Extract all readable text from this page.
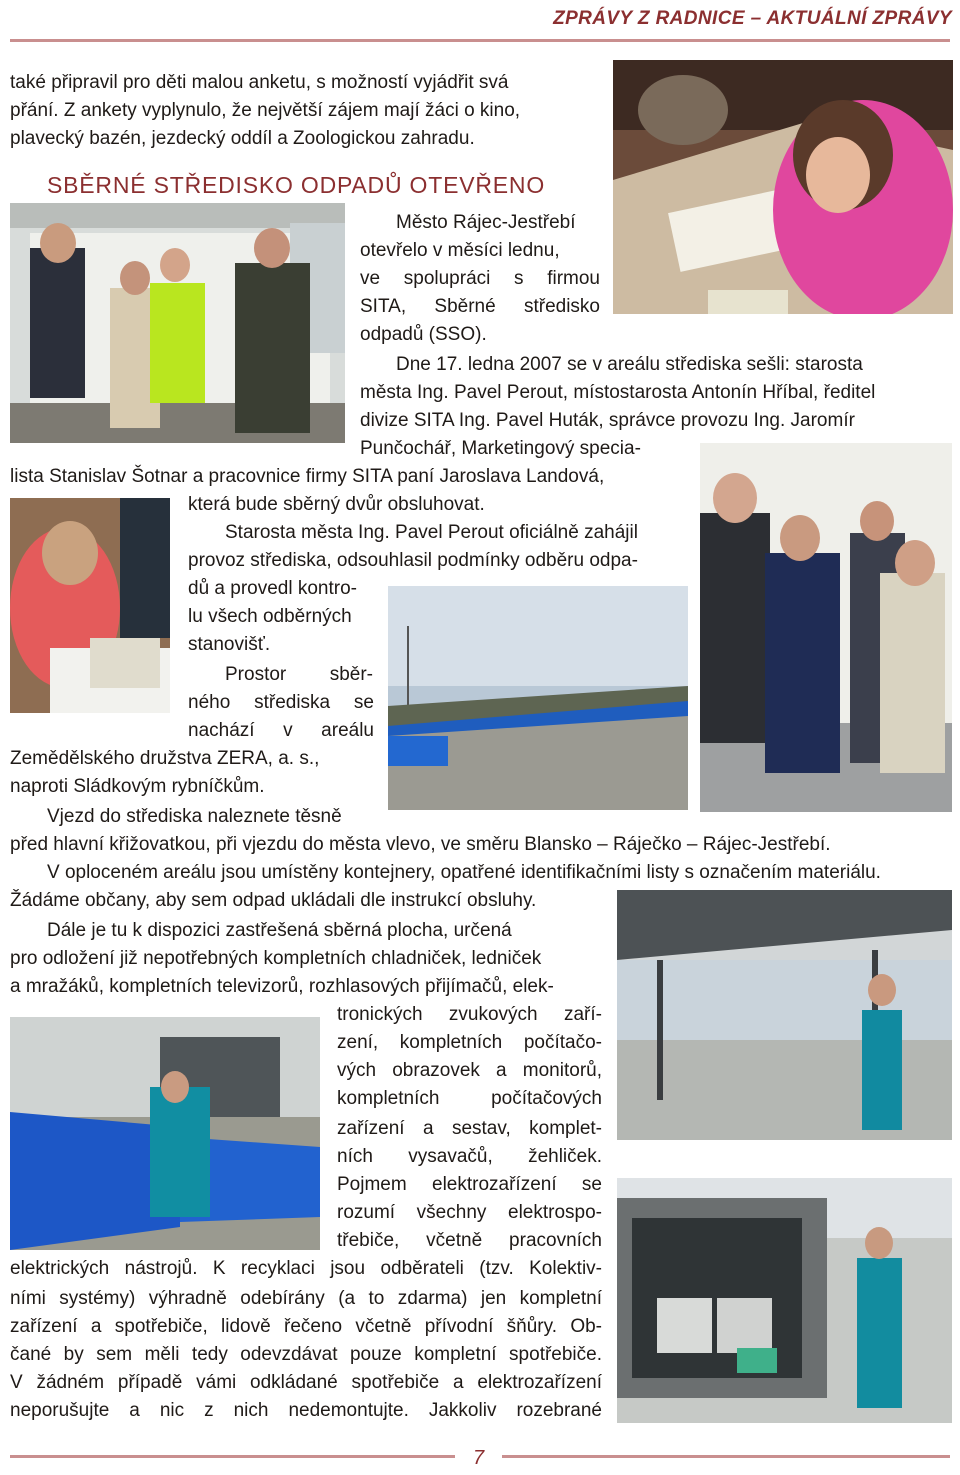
ZPRÁVY Z RADNICE – AKTUÁLNÍ ZPRÁVY
také připravil pro děti malou anketu, s možností vyjádřit svá
přání. Z ankety vyplynulo, že největší zájem mají žáci o kino,
plavecký bazén, jezdecký oddíl a Zoologickou zahradu.
SBĚRNÉ STŘEDISKO ODPADŮ OTEVŘENO
Město Rájec-Jestřebí
otevřelo v měsíci lednu,
ve spolupráci s firmou
SITA, Sběrné středisko
odpadů (SSO).
Dne 17. ledna 2007 se v areálu střediska sešli: starosta
města Ing. Pavel Perout, místostarosta Antonín Hříbal, ředitel
divize SITA Ing. Pavel Huták, správce provozu Ing. Jaromír
Punčochář, Marketingový specia-
lista Stanislav Šotnar a pracovnice firmy SITA paní Jaroslava Landová,
která bude sběrný dvůr obsluhovat.
Starosta města Ing. Pavel Perout oficiálně zahájil
provoz střediska, odsouhlasil podmínky odběru odpa-
dů a provedl kontro-
lu všech odběrných
stanovišť.
Prostor sběr-
ného střediska se
nachází v areálu
Zemědělského družstva ZERA, a. s.,
naproti Sládkovým rybníčkům.
Vjezd do střediska naleznete těsně
před hlavní křižovatkou, při vjezdu do města vlevo, ve směru Blansko – Ráječko – Rájec-Jestřebí.
V oploceném areálu jsou umístěny kontejnery, opatřené identifikačními listy s označením materiálu.
Žádáme občany, aby sem odpad ukládali dle instrukcí obsluhy.
Dále je tu k dispozici zastřešená sběrná plocha, určená
pro odložení již nepotřebných kompletních chladniček, ledniček
a mražáků, kompletních televizorů, rozhlasových přijímačů, elek-
tronických zvukových zaří-
zení, kompletních počítačo-
vých obrazovek a monitorů,
kompletních počítačových
zařízení a sestav, komplet-
ních vysavačů, žehliček.
Pojmem elektrozařízení se
rozumí všechny elektrospo-
třebiče, včetně pracovních
elektrických nástrojů. K recyklaci jsou odběrateli (tzv. Kolektiv-
ními systémy) výhradně odebírány (a to zdarma) jen kompletní
zařízení a spotřebiče, lidově řečeno včetně přívodní šňůry. Ob-
čané by sem měli tedy odevzdávat pouze kompletní spotřebiče.
V žádném případě vámi odkládané spotřebiče a elektrozařízení
neporušujte a nic z nich nedemontujte. Jakkoliv rozebrané
7
